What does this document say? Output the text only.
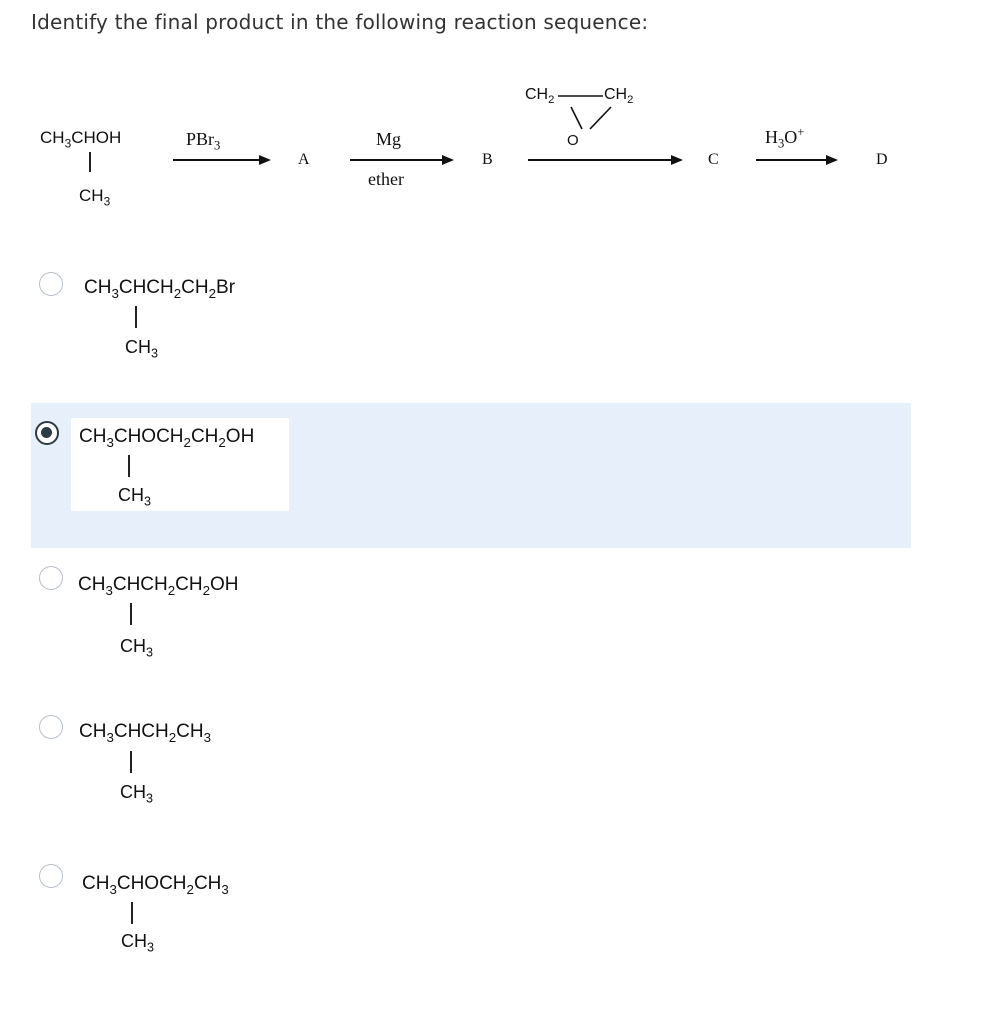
Identify the final product in the following reaction sequence:
$CH_3CHOH$
$CH_3$
PBr$_3$
A
Mg
ether
B
$CH_2$	$CH_2$
O
C
$H_3O^+$
D
$CH_3CHCH_2CH_2Br$
$CH_3$
$CH_3CHOCH_2CH_2OH$
$CH_3$
$CH_3CHCH_2CH_2OH$
$CH_3$
$CH_3CHCH_2CH_3$
$CH_3$
$CH_3CHOCH_2CH_3$
$CH_3$
